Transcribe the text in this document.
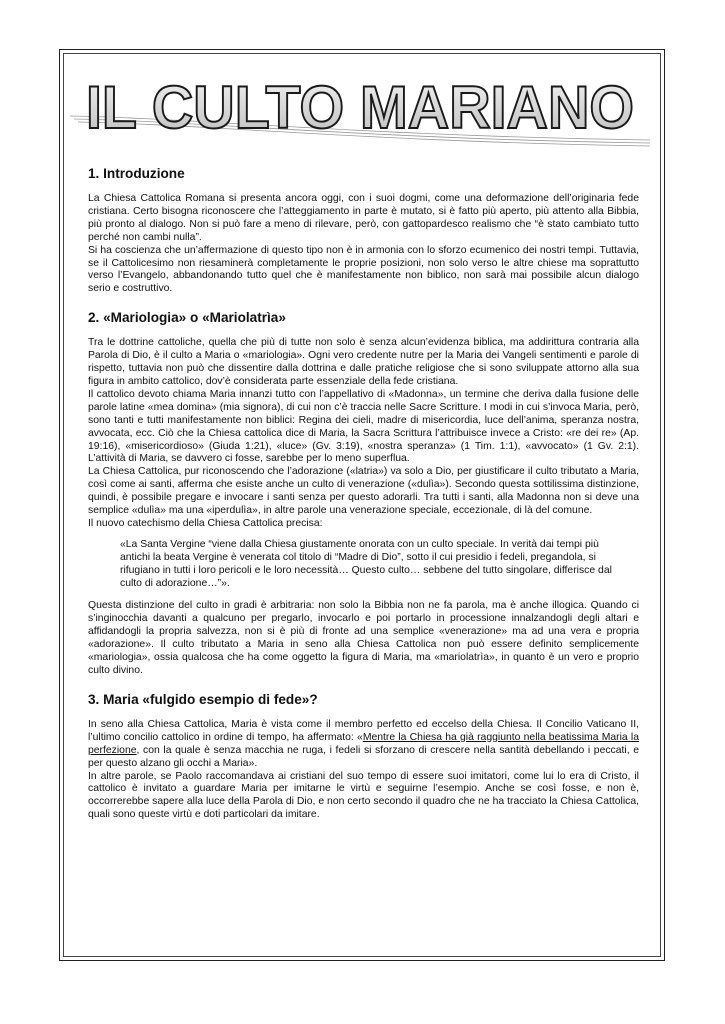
IL CULTO MARIANO
1. Introduzione

La Chiesa Cattolica Romana si presenta ancora oggi, con i suoi dogmi, come una deformazione dell’originaria fede cristiana. Certo bisogna riconoscere che l’atteggiamento in parte è mutato, si è fatto più aperto, più attento alla Bibbia, più pronto al dialogo. Non si può fare a meno di rilevare, però, con gattopardesco realismo che “è stato cambiato tutto perché non cambi nulla”.

Si ha coscienza che un’affermazione di questo tipo non è in armonia con lo sforzo ecumenico dei nostri tempi. Tuttavia, se il Cattolicesimo non riesaminerà completamente le proprie posizioni, non solo verso le altre chiese ma soprattutto verso l’Evangelo, abbandonando tutto quel che è manifestamente non biblico, non sarà mai possibile alcun dialogo serio e costruttivo.

2. «Mariologia» o «Mariolatrìa»

Tra le dottrine cattoliche, quella che più di tutte non solo è senza alcun’evidenza biblica, ma addirittura contraria alla Parola di Dio, è il culto a Maria o «mariologia». Ogni vero credente nutre per la Maria dei Vangeli sentimenti e parole di rispetto, tuttavia non può che dissentire dalla dottrina e dalle pratiche religiose che si sono sviluppate attorno alla sua figura in ambito cattolico, dov’è considerata parte essenziale della fede cristiana.

Il cattolico devoto chiama Maria innanzi tutto con l’appellativo di «Madonna», un termine che deriva dalla fusione delle parole latine «mea domina» (mia signora), di cui non c’è traccia nelle Sacre Scritture. I modi in cui s’invoca Maria, però, sono tanti e tutti manifestamente non biblici: Regina dei cieli, madre di misericordia, luce dell’anima, speranza nostra, avvocata, ecc. Ciò che la Chiesa cattolica dice di Maria, la Sacra Scrittura l’attribuisce invece a Cristo: «re dei re» (Ap. 19:16), «misericordioso» (Giuda 1:21), «luce» (Gv. 3:19), «nostra speranza» (1 Tim. 1:1), «avvocato» (1 Gv. 2:1). L’attività di Maria, se davvero ci fosse, sarebbe per lo meno superflua.

La Chiesa Cattolica, pur riconoscendo che l’adorazione («latria») va solo a Dio, per giustificare il culto tributato a Maria, così come ai santi, afferma che esiste anche un culto di venerazione («dulìa»). Secondo questa sottilissima distinzione, quindi, è possibile pregare e invocare i santi senza per questo adorarli. Tra tutti i santi, alla Madonna non si deve una semplice «dulìa» ma una «iperdulìa», in altre parole una venerazione speciale, eccezionale, di là del comune.

Il nuovo catechismo della Chiesa Cattolica precisa:

«La Santa Vergine “viene dalla Chiesa giustamente onorata con un culto speciale. In verità dai tempi più antichi la beata Vergine è venerata col titolo di “Madre di Dio”, sotto il cui presidio i fedeli, pregandola, si rifugiano in tutti i loro pericoli e le loro necessità… Questo culto… sebbene del tutto singolare, differisce dal culto di adorazione…”».

Questa distinzione del culto in gradi è arbitraria: non solo la Bibbia non ne fa parola, ma è anche illogica. Quando ci s’inginocchia davanti a qualcuno per pregarlo, invocarlo e poi portarlo in processione innalzandogli degli altari e affidandogli la propria salvezza, non si è più di fronte ad una semplice «venerazione» ma ad una vera e propria «adorazione». Il culto tributato a Maria in seno alla Chiesa Cattolica non può essere definito semplicemente «mariologia», ossia qualcosa che ha come oggetto la figura di Maria, ma «mariolatrìa», in quanto è un vero e proprio culto divino.

3. Maria «fulgido esempio di fede»?

In seno alla Chiesa Cattolica, Maria è vista come il membro perfetto ed eccelso della Chiesa. Il Concilio Vaticano II, l’ultimo concilio cattolico in ordine di tempo, ha affermato: «Mentre la Chiesa ha già raggiunto nella beatissima Maria la perfezione, con la quale è senza macchia ne ruga, i fedeli si sforzano di crescere nella santità debellando i peccati, e per questo alzano gli occhi a Maria».

In altre parole, se Paolo raccomandava ai cristiani del suo tempo di essere suoi imitatori, come lui lo era di Cristo, il cattolico è invitato a guardare Maria per imitarne le virtù e seguirne l’esempio. Anche se così fosse, e non è, occorrerebbe sapere alla luce della Parola di Dio, e non certo secondo il quadro che ne ha tracciato la Chiesa Cattolica, quali sono queste virtù e doti particolari da imitare.
